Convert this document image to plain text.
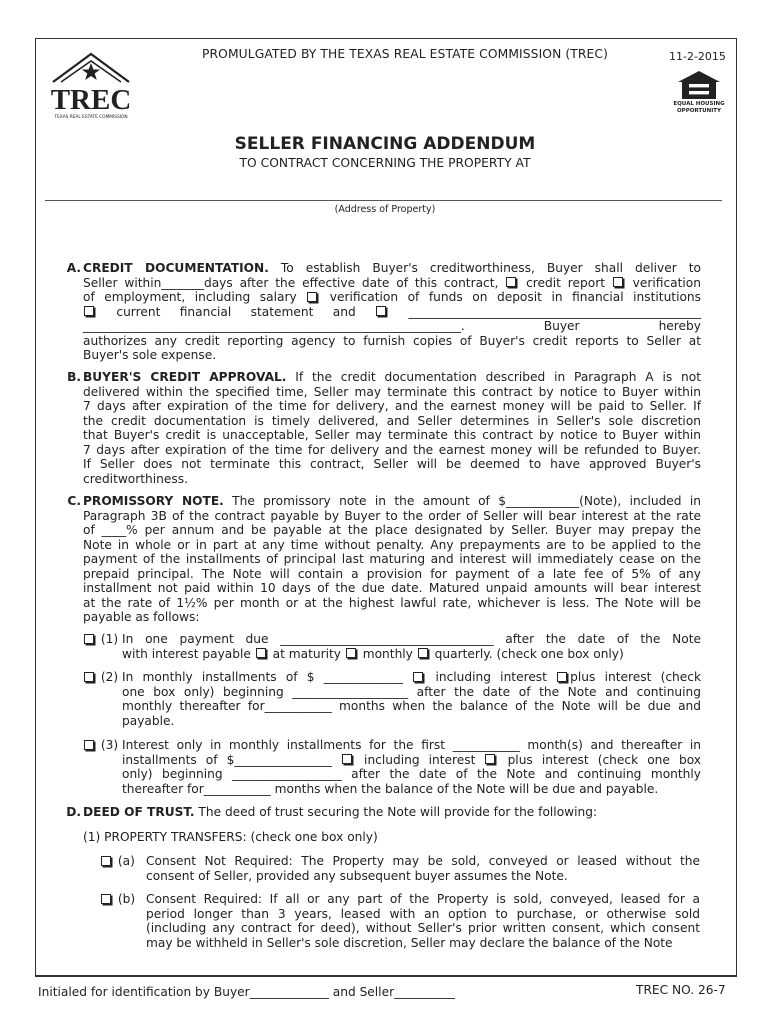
TREC
TEXAS REAL ESTATE COMMISSION
PROMULGATED BY THE TEXAS REAL ESTATE COMMISSION (TREC)	11-2-2015
EQUAL HOUSING
OPPORTUNITY
SELLER FINANCING ADDENDUM
TO CONTRACT CONCERNING THE PROPERTY AT
(Address of Property)
A. CREDIT DOCUMENTATION. To establish Buyer's creditworthiness, Buyer shall deliver to
Seller within_______days after the effective date of this contract,  credit report  verification
of employment, including salary  verification of funds on deposit in financial institutions
current financial statement and  ________________________________________________
______________________________________________________________. Buyer hereby
authorizes any credit reporting agency to furnish copies of Buyer's credit reports to Seller at
Buyer's sole expense.
B. BUYER'S CREDIT APPROVAL. If the credit documentation described in Paragraph A is not
delivered within the specified time, Seller may terminate this contract by notice to Buyer within
7 days after expiration of the time for delivery, and the earnest money will be paid to Seller. If
the credit documentation is timely delivered, and Seller determines in Seller's sole discretion
that Buyer's credit is unacceptable, Seller may terminate this contract by notice to Buyer within
7 days after expiration of the time for delivery and the earnest money will be refunded to Buyer.
If Seller does not terminate this contract, Seller will be deemed to have approved Buyer's
creditworthiness.
C. PROMISSORY NOTE. The promissory note in the amount of $____________(Note), included in
Paragraph 3B of the contract payable by Buyer to the order of Seller will bear interest at the rate
of ____% per annum and be payable at the place designated by Seller. Buyer may prepay the
Note in whole or in part at any time without penalty. Any prepayments are to be applied to the
payment of the installments of principal last maturing and interest will immediately cease on the
prepaid principal. The Note will contain a provision for payment of a late fee of 5% of any
installment not paid within 10 days of the due date. Matured unpaid amounts will bear interest
at the rate of 1½% per month or at the highest lawful rate, whichever is less. The Note will be
payable as follows:
(1) In one payment due ___________________________________ after the date of the Note
with interest payable  at maturity  monthly  quarterly. (check one box only)
(2) In monthly installments of $ _____________  including interest plus interest (check
one box only) beginning ___________________ after the date of the Note and continuing
monthly thereafter for___________ months when the balance of the Note will be due and
payable.
(3) Interest only in monthly installments for the first ___________ month(s) and thereafter in
installments of $________________  including interest  plus interest (check one box
only) beginning __________________ after the date of the Note and continuing monthly
thereafter for___________ months when the balance of the Note will be due and payable.
D. DEED OF TRUST. The deed of trust securing the Note will provide for the following:
(1) PROPERTY TRANSFERS: (check one box only)
(a) Consent Not Required: The Property may be sold, conveyed or leased without the
consent of Seller, provided any subsequent buyer assumes the Note.
(b) Consent Required: If all or any part of the Property is sold, conveyed, leased for a
period longer than 3 years, leased with an option to purchase, or otherwise sold
(including any contract for deed), without Seller's prior written consent, which consent
may be withheld in Seller's sole discretion, Seller may declare the balance of the Note
Initialed for identification by Buyer_____________ and Seller__________	TREC NO. 26-7
